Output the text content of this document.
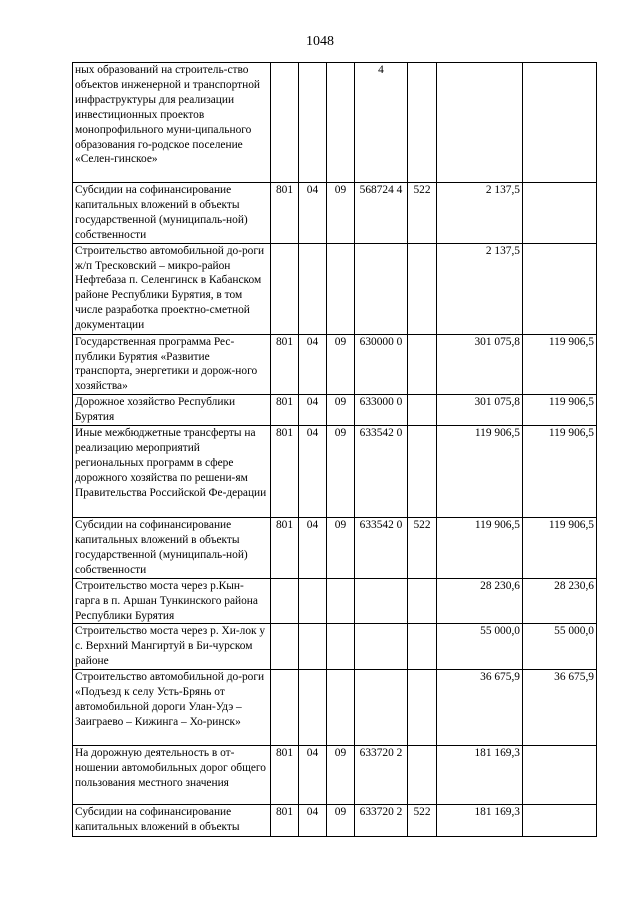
1048
ных образований на строитель-ство объектов инженерной и транспортной инфраструктуры для реализации инвестиционных проектов монопрофильного муни-ципального образования го-родское поселение «Селен-гинское»				4			
Субсидии на софинансирование капитальных вложений в объекты государственной (муниципаль-ной) собственности	801	04	09	568724 4	522	2 137,5	
Строительство автомобильной до-роги ж/п Тресковский – микро-район Нефтебаза п. Селенгинск в Кабанском районе Республики Бурятия, в том числе разработка проектно-сметной документации						2 137,5	
Государственная программа Рес-публики Бурятия «Развитие транспорта, энергетики и дорож-ного хозяйства»	801	04	09	630000 0		301 075,8	119 906,5
Дорожное хозяйство Республики Бурятия	801	04	09	633000 0		301 075,8	119 906,5
Иные межбюджетные трансферты на реализацию мероприятий региональных программ в сфере дорожного хозяйства по решени-ям Правительства Российской Фе-дерации	801	04	09	633542 0		119 906,5	119 906,5
Субсидии на софинансирование капитальных вложений в объекты государственной (муниципаль-ной) собственности	801	04	09	633542 0	522	119 906,5	119 906,5
Строительство моста через р.Кын-гарга в п. Аршан Тункинского района Республики Бурятия						28 230,6	28 230,6
Строительство моста через р. Хи-лок у с. Верхний Мангиртуй в Би-чурском районе						55 000,0	55 000,0
Строительство автомобильной до-роги «Подъезд к селу Усть-Брянь от автомобильной дороги Улан-Удэ – Заиграево – Кижинга – Хо-ринск»						36 675,9	36 675,9
На дорожную деятельность в от-ношении автомобильных дорог общего пользования местного значения	801	04	09	633720 2		181 169,3	
Субсидии на софинансирование капитальных вложений в объекты	801	04	09	633720 2	522	181 169,3	
